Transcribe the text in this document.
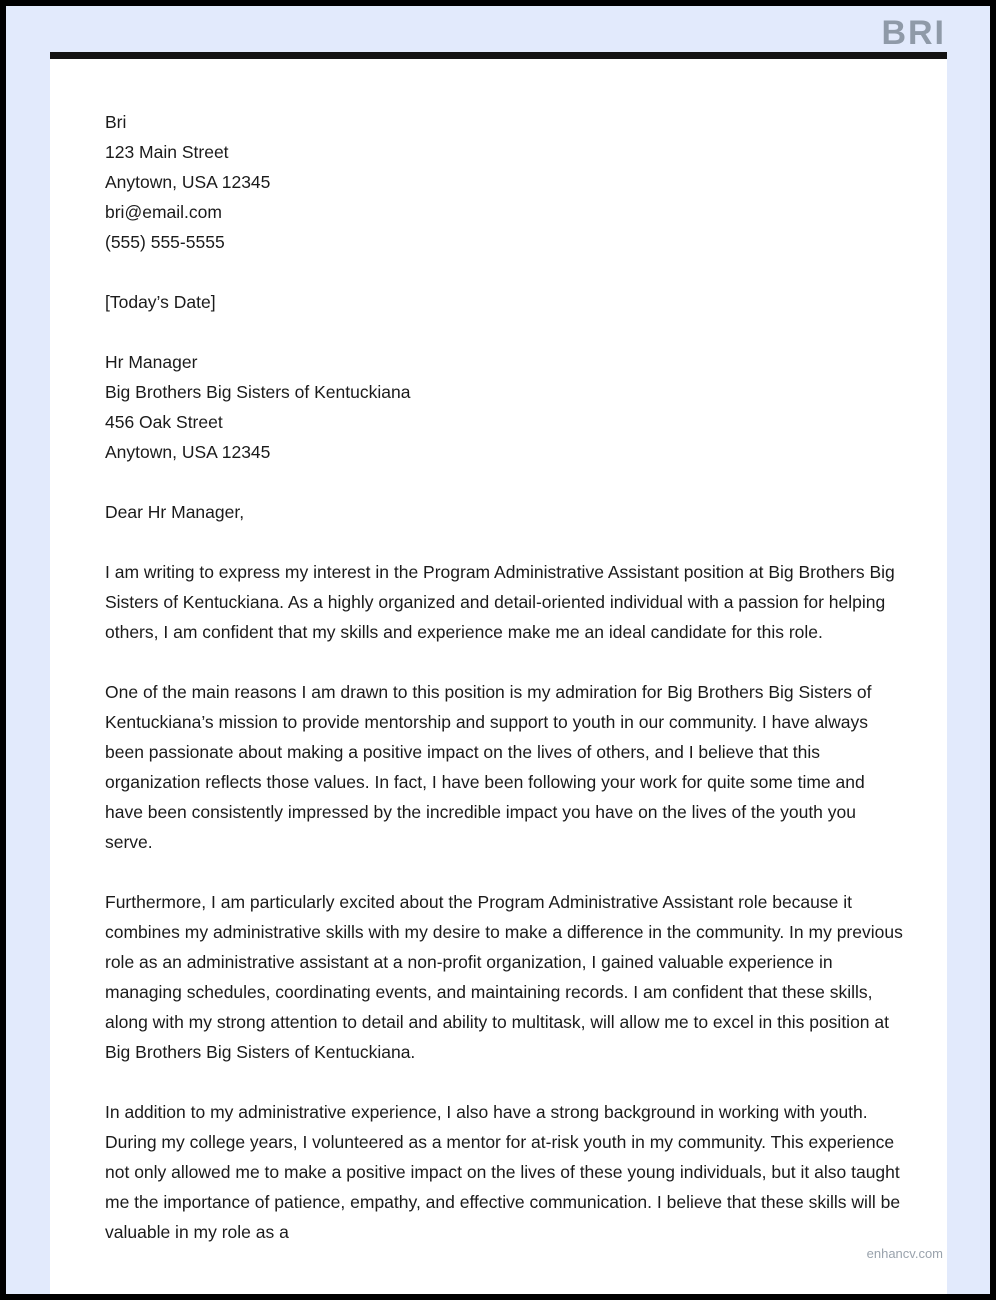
BRI
Bri
123 Main Street
Anytown, USA 12345
bri@email.com
(555) 555-5555
[Today’s Date]
Hr Manager
Big Brothers Big Sisters of Kentuckiana
456 Oak Street
Anytown, USA 12345
Dear Hr Manager,

I am writing to express my interest in the Program Administrative Assistant position at Big Brothers Big Sisters of Kentuckiana. As a highly organized and detail-oriented individual with a passion for helping others, I am confident that my skills and experience make me an ideal candidate for this role.

One of the main reasons I am drawn to this position is my admiration for Big Brothers Big Sisters of Kentuckiana’s mission to provide mentorship and support to youth in our community. I have always been passionate about making a positive impact on the lives of others, and I believe that this organization reflects those values. In fact, I have been following your work for quite some time and have been consistently impressed by the incredible impact you have on the lives of the youth you serve.

Furthermore, I am particularly excited about the Program Administrative Assistant role because it combines my administrative skills with my desire to make a difference in the community. In my previous role as an administrative assistant at a non-profit organization, I gained valuable experience in managing schedules, coordinating events, and maintaining records. I am confident that these skills, along with my strong attention to detail and ability to multitask, will allow me to excel in this position at Big Brothers Big Sisters of Kentuckiana.

In addition to my administrative experience, I also have a strong background in working with youth. During my college years, I volunteered as a mentor for at-risk youth in my community. This experience not only allowed me to make a positive impact on the lives of these young individuals, but it also taught me the importance of patience, empathy, and effective communication. I believe that these skills will be valuable in my role as a

enhancv.com
